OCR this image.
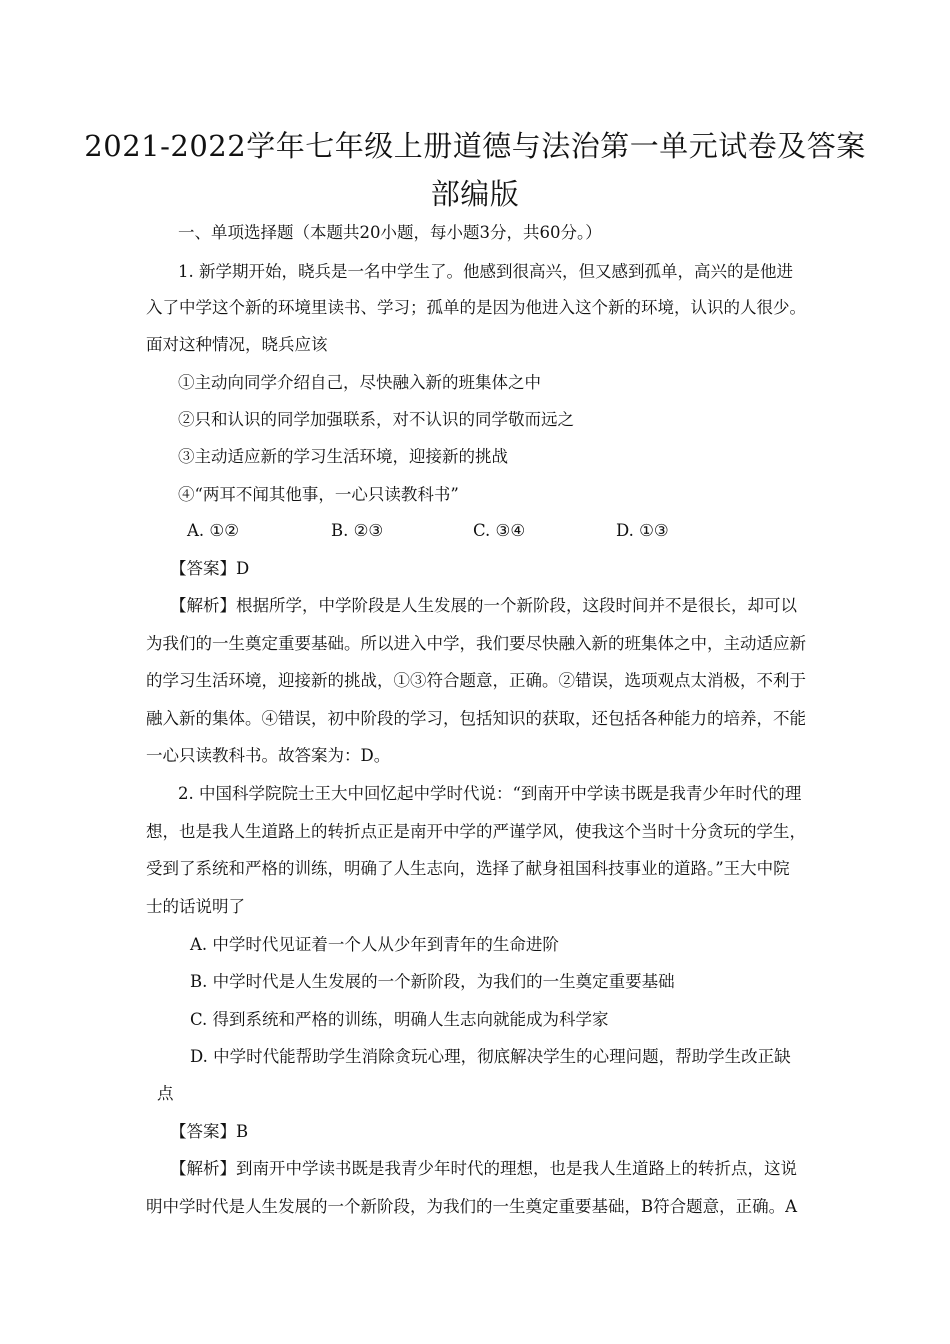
2021-2022学年七年级上册道德与法治第一单元试卷及答案
部编版
一、单项选择题（本题共20小题，每小题3分，共60分。）
1. 新学期开始，晓兵是一名中学生了。他感到很高兴，但又感到孤单，高兴的是他进
入了中学这个新的环境里读书、学习；孤单的是因为他进入这个新的环境，认识的人很少。
面对这种情况，晓兵应该
①主动向同学介绍自己，尽快融入新的班集体之中
②只和认识的同学加强联系，对不认识的同学敬而远之
③主动适应新的学习生活环境，迎接新的挑战
④“两耳不闻其他事，一心只读教科书”
A. ①②	B. ②③	C. ③④	D. ①③
【答案】D
【解析】根据所学，中学阶段是人生发展的一个新阶段，这段时间并不是很长，却可以
为我们的一生奠定重要基础。所以进入中学，我们要尽快融入新的班集体之中，主动适应新
的学习生活环境，迎接新的挑战，①③符合题意，正确。②错误，选项观点太消极，不利于
融入新的集体。④错误，初中阶段的学习，包括知识的获取，还包括各种能力的培养，不能
一心只读教科书。故答案为：D。
2. 中国科学院院士王大中回忆起中学时代说：“到南开中学读书既是我青少年时代的理
想，也是我人生道路上的转折点正是南开中学的严谨学风，使我这个当时十分贪玩的学生，
受到了系统和严格的训练，明确了人生志向，选择了献身祖国科技事业的道路。”王大中院
士的话说明了
A. 中学时代见证着一个人从少年到青年的生命进阶
B. 中学时代是人生发展的一个新阶段，为我们的一生奠定重要基础
C. 得到系统和严格的训练，明确人生志向就能成为科学家
D. 中学时代能帮助学生消除贪玩心理，彻底解决学生的心理问题，帮助学生改正缺
点
【答案】B
【解析】到南开中学读书既是我青少年时代的理想，也是我人生道路上的转折点，这说
明中学时代是人生发展的一个新阶段，为我们的一生奠定重要基础，B符合题意，正确。A
